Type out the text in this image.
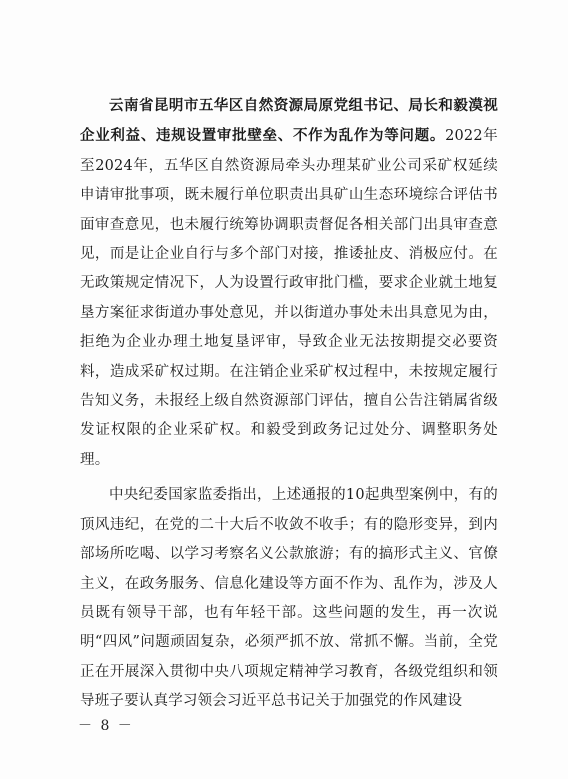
云南省昆明市五华区自然资源局原党组书记、局长和毅漠视企业利益、违规设置审批壁垒、不作为乱作为等问题。2022年至2024年，五华区自然资源局牵头办理某矿业公司采矿权延续申请审批事项，既未履行单位职责出具矿山生态环境综合评估书面审查意见，也未履行统筹协调职责督促各相关部门出具审查意见，而是让企业自行与多个部门对接，推诿扯皮、消极应付。在无政策规定情况下，人为设置行政审批门槛，要求企业就土地复垦方案征求街道办事处意见，并以街道办事处未出具意见为由，拒绝为企业办理土地复垦评审，导致企业无法按期提交必要资料，造成采矿权过期。在注销企业采矿权过程中，未按规定履行告知义务，未报经上级自然资源部门评估，擅自公告注销属省级发证权限的企业采矿权。和毅受到政务记过处分、调整职务处理。

中央纪委国家监委指出，上述通报的10起典型案例中，有的顶风违纪，在党的二十大后不收敛不收手；有的隐形变异，到内部场所吃喝、以学习考察名义公款旅游；有的搞形式主义、官僚主义，在政务服务、信息化建设等方面不作为、乱作为，涉及人员既有领导干部，也有年轻干部。这些问题的发生，再一次说明“四风”问题顽固复杂，必须严抓不放、常抓不懈。当前，全党正在开展深入贯彻中央八项规定精神学习教育，各级党组织和领导班子要认真学习领会习近平总书记关于加强党的作风建设

－ 8 －
